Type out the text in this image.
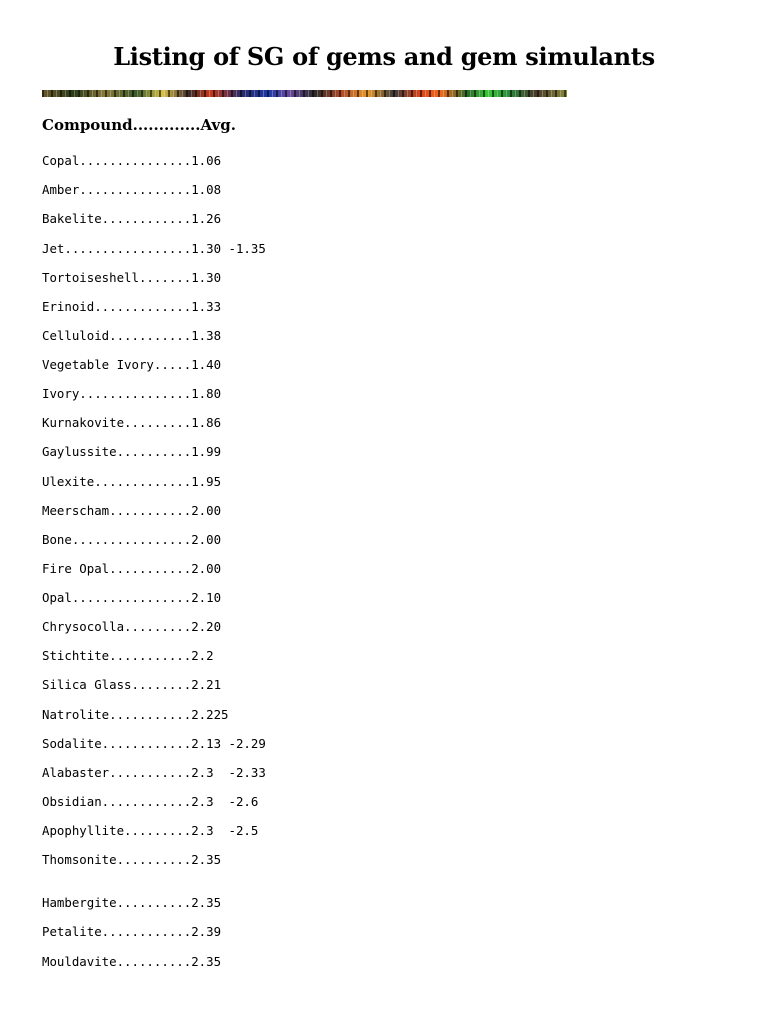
Listing of SG of gems and gem simulants
Compound.............Avg.
Copal...............1.06
Amber...............1.08
Bakelite............1.26
Jet.................1.30 -1.35
Tortoiseshell.......1.30
Erinoid.............1.33
Celluloid...........1.38
Vegetable Ivory.....1.40
Ivory...............1.80
Kurnakovite.........1.86
Gaylussite..........1.99
Ulexite.............1.95
Meerscham...........2.00
Bone................2.00
Fire Opal...........2.00
Opal................2.10
Chrysocolla.........2.20
Stichtite...........2.2
Silica Glass........2.21
Natrolite...........2.225
Sodalite............2.13 -2.29
Alabaster...........2.3  -2.33
Obsidian............2.3  -2.6
Apophyllite.........2.3  -2.5
Thomsonite..........2.35
Hambergite..........2.35
Petalite............2.39
Mouldavite..........2.35
